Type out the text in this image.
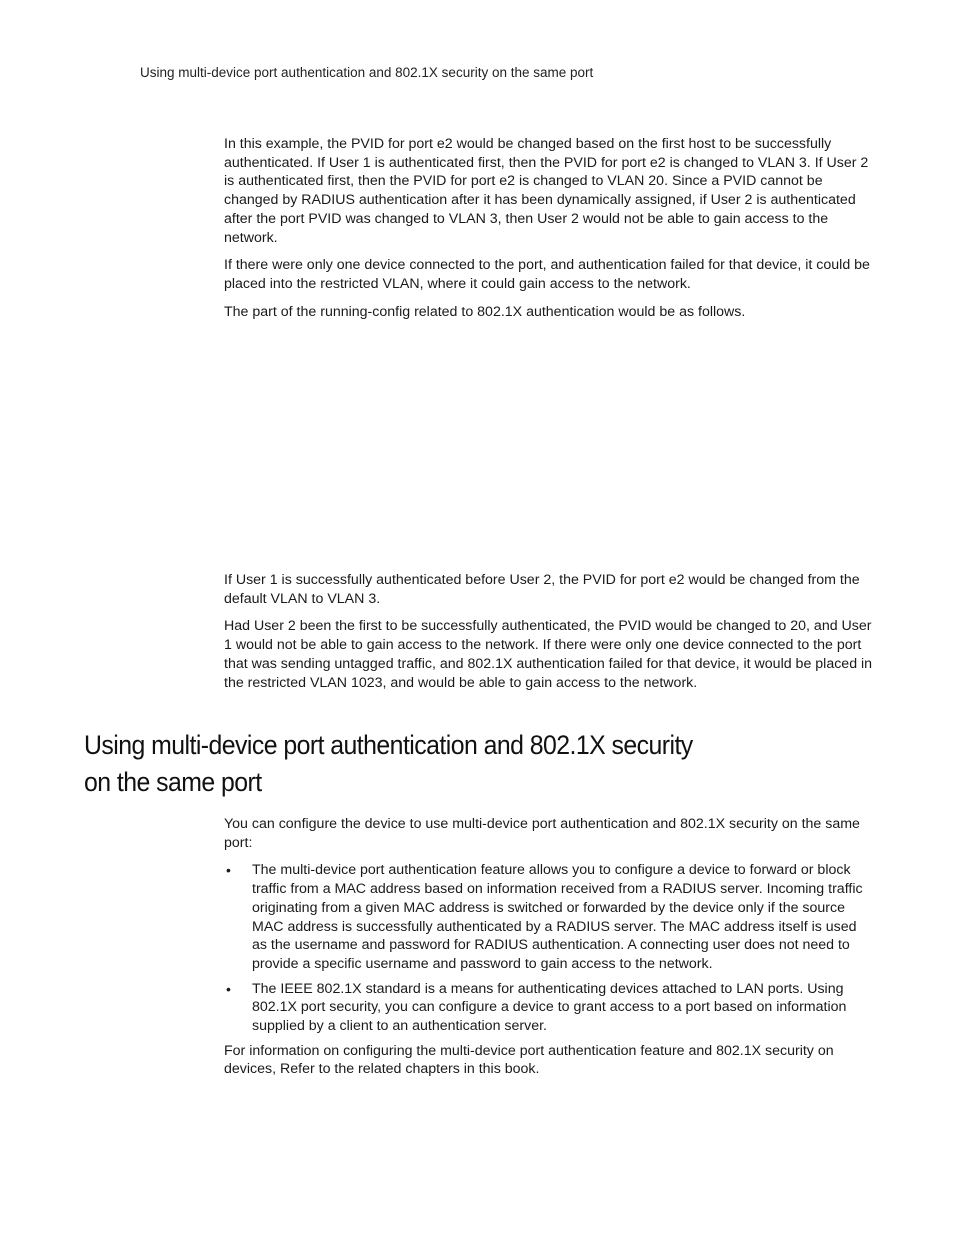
Using multi-device port authentication and 802.1X security on the same port

In this example, the PVID for port e2 would be changed based on the first host to be successfully authenticated. If User 1 is authenticated first, then the PVID for port e2 is changed to VLAN 3. If User 2 is authenticated first, then the PVID for port e2 is changed to VLAN 20. Since a PVID cannot be changed by RADIUS authentication after it has been dynamically assigned, if User 2 is authenticated after the port PVID was changed to VLAN 3, then User 2 would not be able to gain access to the network.

If there were only one device connected to the port, and authentication failed for that device, it could be placed into the restricted VLAN, where it could gain access to the network.

The part of the running-config related to 802.1X authentication would be as follows.

If User 1 is successfully authenticated before User 2, the PVID for port e2 would be changed from the default VLAN to VLAN 3.

Had User 2 been the first to be successfully authenticated, the PVID would be changed to 20, and User 1 would not be able to gain access to the network. If there were only one device connected to the port that was sending untagged traffic, and 802.1X authentication failed for that device, it would be placed in the restricted VLAN 1023, and would be able to gain access to the network.

Using multi-device port authentication and 802.1X security
on the same port

You can configure the device to use multi-device port authentication and 802.1X security on the same port:

• The multi-device port authentication feature allows you to configure a device to forward or block traffic from a MAC address based on information received from a RADIUS server. Incoming traffic originating from a given MAC address is switched or forwarded by the device only if the source MAC address is successfully authenticated by a RADIUS server. The MAC address itself is used as the username and password for RADIUS authentication. A connecting user does not need to provide a specific username and password to gain access to the network.
• The IEEE 802.1X standard is a means for authenticating devices attached to LAN ports. Using 802.1X port security, you can configure a device to grant access to a port based on information supplied by a client to an authentication server.

For information on configuring the multi-device port authentication feature and 802.1X security on devices, Refer to the related chapters in this book.
